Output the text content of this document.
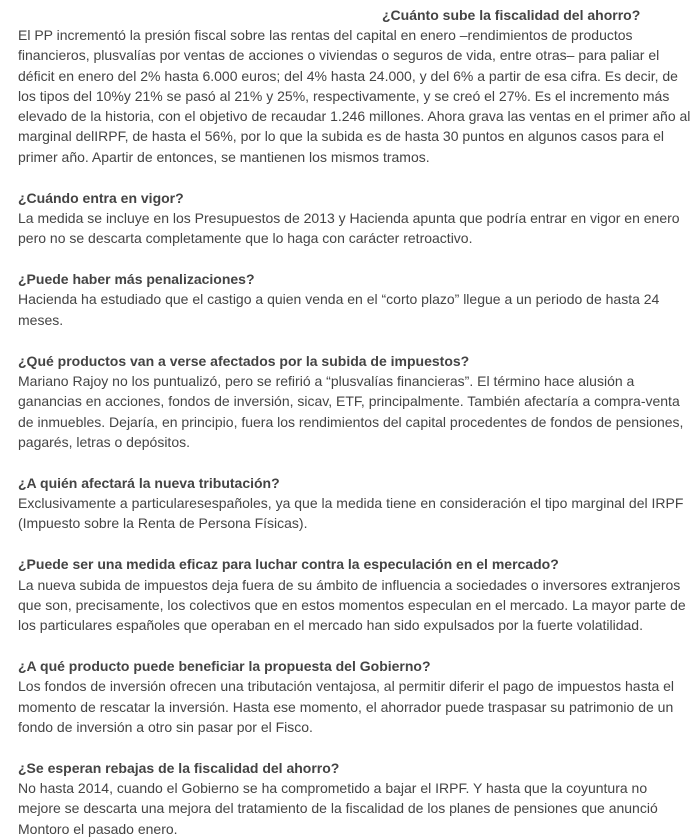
¿Cuánto sube la fiscalidad del ahorro?

El PP incrementó la presión fiscal sobre las rentas del capital en enero –rendimientos de productos financieros, plusvalías por ventas de acciones o viviendas o seguros de vida, entre otras– para paliar el déficit en enero del 2% hasta 6.000 euros; del 4% hasta 24.000, y del 6% a partir de esa cifra. Es decir, de los tipos del 10%y 21% se pasó al 21% y 25%, respectivamente, y se creó el 27%. Es el incremento más elevado de la historia, con el objetivo de recaudar 1.246 millones. Ahora grava las ventas en el primer año al marginal delIRPF, de hasta el 56%, por lo que la subida es de hasta 30 puntos en algunos casos para el primer año. Apartir de entonces, se mantienen los mismos tramos.

¿Cuándo entra en vigor?

La medida se incluye en los Presupuestos de 2013 y Hacienda apunta que podría entrar en vigor en enero pero no se descarta completamente que lo haga con carácter retroactivo.

¿Puede haber más penalizaciones?

Hacienda ha estudiado que el castigo a quien venda en el “corto plazo” llegue a un periodo de hasta 24 meses.

¿Qué productos van a verse afectados por la subida de impuestos?

Mariano Rajoy no los puntualizó, pero se refirió a “plusvalías financieras”. El término hace alusión a ganancias en acciones, fondos de inversión, sicav, ETF, principalmente. También afectaría a compra-venta de inmuebles. Dejaría, en principio, fuera los rendimientos del capital procedentes de fondos de pensiones, pagarés, letras o depósitos.

¿A quién afectará la nueva tributación?

Exclusivamente a particularesespañoles, ya que la medida tiene en consideración el tipo marginal del IRPF (Impuesto sobre la Renta de Persona Físicas).

¿Puede ser una medida eficaz para luchar contra la especulación en el mercado?

La nueva subida de impuestos deja fuera de su ámbito de influencia a sociedades o inversores extranjeros que son, precisamente, los colectivos que en estos momentos especulan en el mercado. La mayor parte de los particulares españoles que operaban en el mercado han sido expulsados por la fuerte volatilidad.

¿A qué producto puede beneficiar la propuesta del Gobierno?

Los fondos de inversión ofrecen una tributación ventajosa, al permitir diferir el pago de impuestos hasta el momento de rescatar la inversión. Hasta ese momento, el ahorrador puede traspasar su patrimonio de un fondo de inversión a otro sin pasar por el Fisco.

¿Se esperan rebajas de la fiscalidad del ahorro?

No hasta 2014, cuando el Gobierno se ha comprometido a bajar el IRPF. Y hasta que la coyuntura no mejore se descarta una mejora del tratamiento de la fiscalidad de los planes de pensiones que anunció Montoro el pasado enero.
